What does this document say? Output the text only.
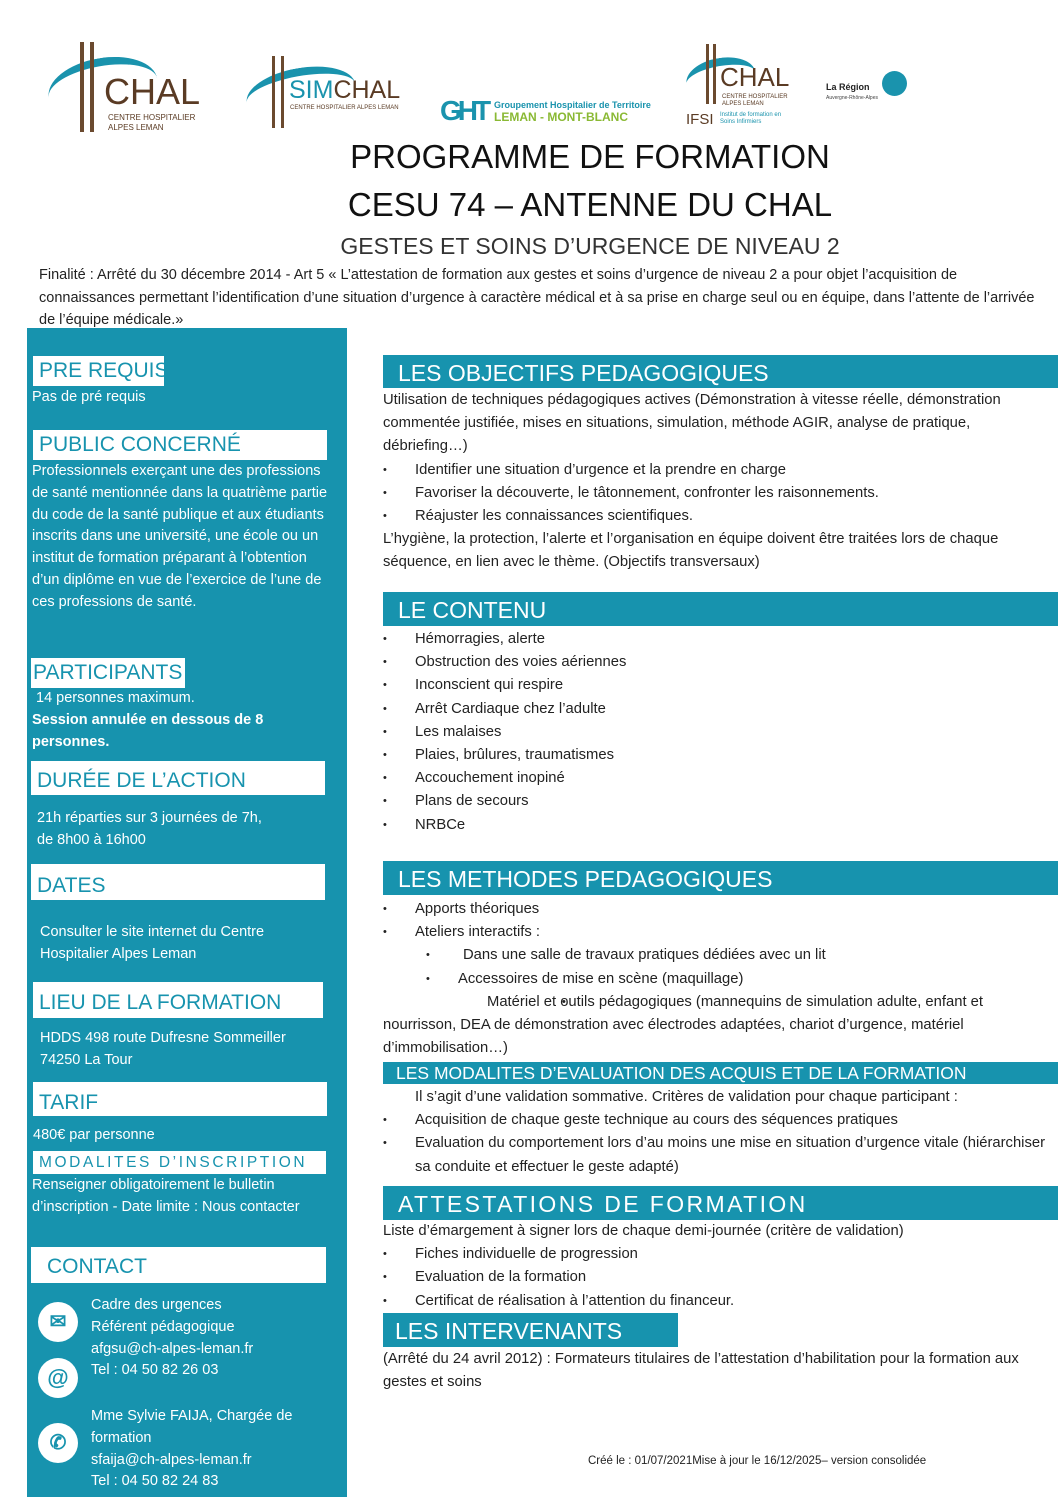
CHAL
CENTRE HOSPITALIER
ALPES LEMAN
SIMCHAL
CENTRE HOSPITALIER ALPES LEMAN GHT Groupement Hospitalier de Territoire
LEMAN - MONT-BLANC
CHAL
CENTRE HOSPITALIER ALPES LEMAN
IFSI Institut de formation en Soins Infirmiers
La Région
Auvergne-Rhône-Alpes
PROGRAMME DE FORMATION
CESU 74 – ANTENNE DU CHAL
GESTES ET SOINS D’URGENCE DE NIVEAU 2
Finalité : Arrêté du 30 décembre 2014 - Art 5 « L’attestation de formation aux gestes et soins d’urgence de niveau 2 a pour objet l’acquisition de connaissances permettant l’identification d’une situation d’urgence à caractère médical et à sa prise en charge seul ou en équipe, dans l’attente de l’arrivée de l’équipe médicale.»
PRE REQUIS
Pas de pré requis
PUBLIC CONCERNÉ
Professionnels exerçant une des professions de santé mentionnée dans la quatrième partie du code de la santé publique et aux étudiants inscrits dans une université, une école ou un institut de formation préparant à l’obtention d’un diplôme en vue de l’exercice de l’une de ces professions de santé.
PARTICIPANTS
14 personnes maximum.
Session annulée en dessous de 8 personnes.
DURÉE DE L’ACTION
21h réparties sur 3 journées de 7h,
de 8h00 à 16h00
DATES
Consulter le site internet du Centre Hospitalier Alpes Leman
LIEU DE LA FORMATION
HDDS 498 route Dufresne Sommeiller
74250 La Tour
TARIF
480€ par personne
MODALITES D’INSCRIPTION
Renseigner obligatoirement le bulletin d’inscription - Date limite : Nous contacter
CONTACT
✉
@
✆
Cadre des urgences
Référent pédagogique
afgsu@ch-alpes-leman.fr
Tel : 04 50 82 26 03
Mme Sylvie FAIJA, Chargée de formation
sfaija@ch-alpes-leman.fr
Tel : 04 50 82 24 83
LES OBJECTIFS PEDAGOGIQUES
Utilisation de techniques pédagogiques actives (Démonstration à vitesse réelle, démonstration commentée justifiée, mises en situations, simulation, méthode AGIR, analyse de pratique, débriefing…)
• Identifier une situation d’urgence et la prendre en charge
• Favoriser la découverte, le tâtonnement, confronter les raisonnements.
• Réajuster les connaissances scientifiques.
L’hygiène, la protection, l’alerte et l’organisation en équipe doivent être traitées lors de chaque séquence, en lien avec le thème. (Objectifs transversaux)
LE CONTENU
• Hémorragies, alerte
• Obstruction des voies aériennes
• Inconscient qui respire
• Arrêt Cardiaque chez l’adulte
• Les malaises
• Plaies, brûlures, traumatismes
• Accouchement inopiné
• Plans de secours
• NRBCe
LES METHODES PEDAGOGIQUES
• Apports théoriques
• Ateliers interactifs :
• Dans une salle de travaux pratiques dédiées avec un lit
• Accessoires de mise en scène (maquillage)
• Matériel et outils pédagogiques (mannequins de simulation adulte, enfant et nourrisson, DEA de démonstration avec électrodes adaptées, chariot d’urgence, matériel d’immobilisation…)
LES MODALITES D’EVALUATION DES ACQUIS ET DE LA FORMATION
Il s’agit d’une validation sommative. Critères de validation pour chaque participant :
• Acquisition de chaque geste technique au cours des séquences pratiques
• Evaluation du comportement lors d’au moins une mise en situation d’urgence vitale (hiérarchiser sa conduite et effectuer le geste adapté)
ATTESTATIONS DE FORMATION
Liste d’émargement à signer lors de chaque demi-journée (critère de validation)
• Fiches individuelle de progression
• Evaluation de la formation
• Certificat de réalisation à l’attention du financeur.
LES INTERVENANTS
(Arrêté du 24 avril 2012) : Formateurs titulaires de l’attestation d’habilitation pour la formation aux gestes et soins
Créé le : 01/07/2021Mise à jour le 16/12/2025– version consolidée
